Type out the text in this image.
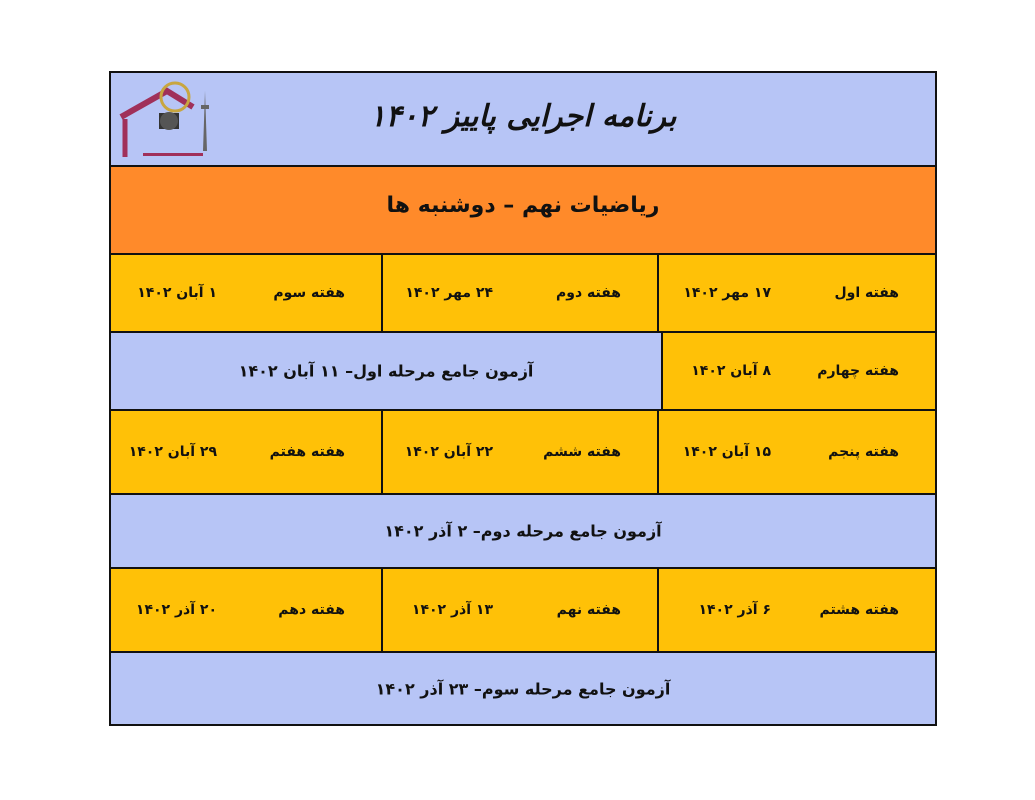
برنامه اجرایی پاییز ۱۴۰۲
ریاضیات نهم – دوشنبه ها
هفته اول
۱۷ مهر ۱۴۰۲
هفته دوم
۲۴ مهر ۱۴۰۲
هفته سوم
۱ آبان ۱۴۰۲
هفته چهارم
۸ آبان ۱۴۰۲
آزمون جامع مرحله اول– ۱۱ آبان ۱۴۰۲
هفته پنجم
۱۵ آبان ۱۴۰۲
هفته ششم
۲۲ آبان ۱۴۰۲
هفته هفتم
۲۹ آبان ۱۴۰۲
آزمون جامع مرحله دوم– ۲ آذر ۱۴۰۲
هفته هشتم
۶ آذر ۱۴۰۲
هفته نهم
۱۳ آذر ۱۴۰۲
هفته دهم
۲۰ آذر ۱۴۰۲
آزمون جامع مرحله سوم– ۲۳ آذر ۱۴۰۲
